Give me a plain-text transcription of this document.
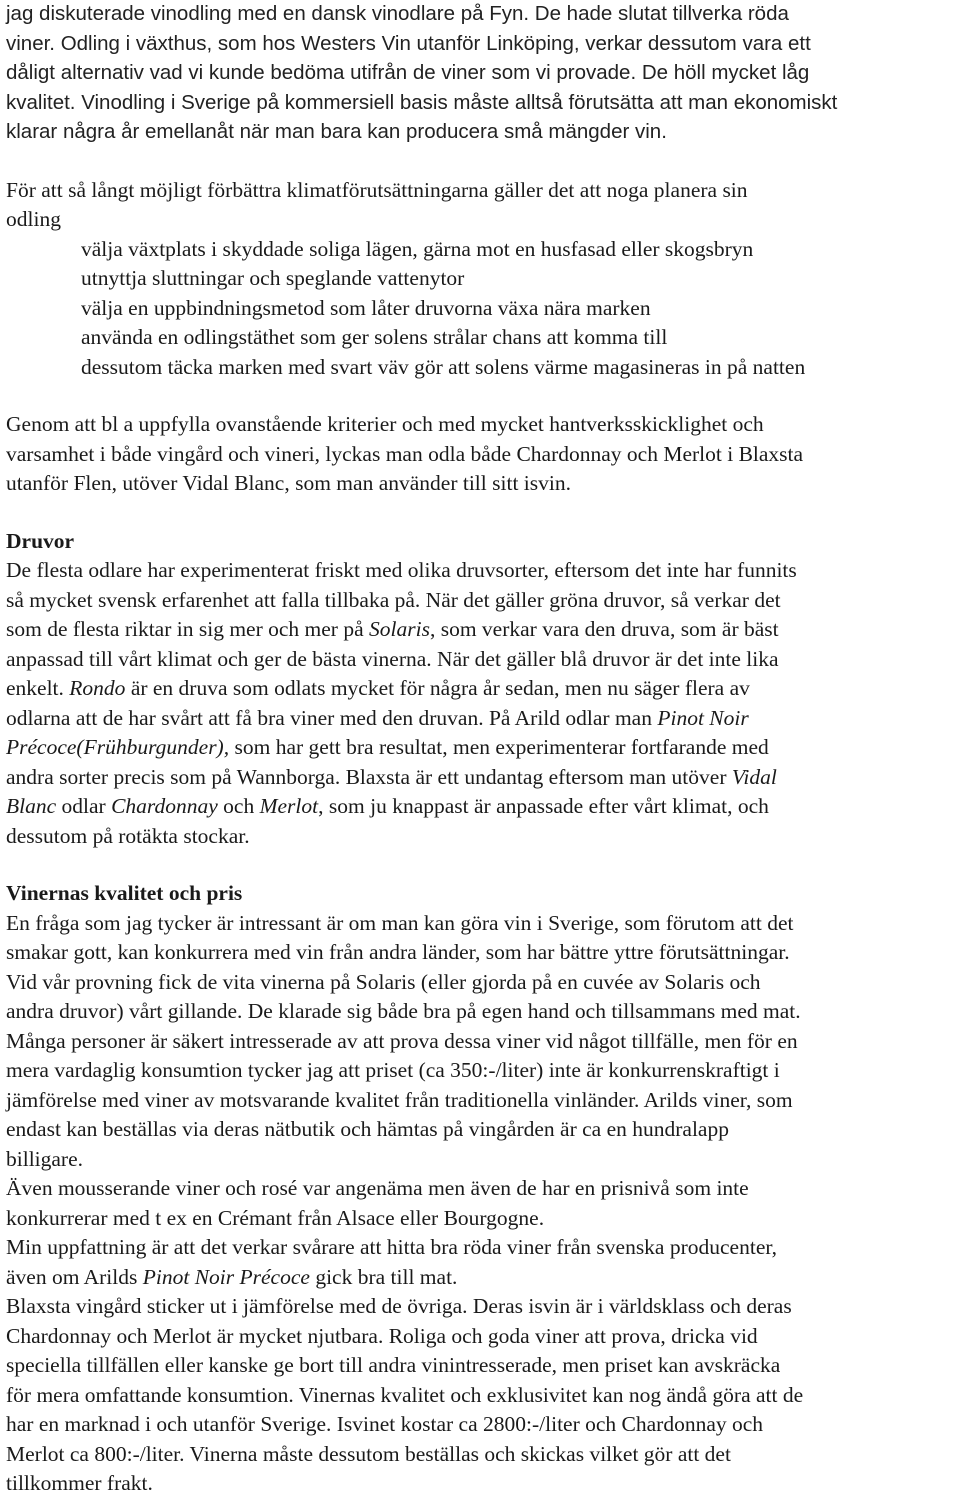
jag diskuterade vinodling med en dansk vinodlare på Fyn. De hade slutat tillverka röda
viner. Odling i växthus, som hos Westers Vin utanför Linköping, verkar dessutom vara ett
dåligt alternativ vad vi kunde bedöma utifrån de viner som vi provade. De höll mycket låg
kvalitet. Vinodling i Sverige på kommersiell basis måste alltså förutsätta att man ekonomiskt
klarar några år emellanåt när man bara kan producera små mängder vin.
För att så långt möjligt förbättra klimatförutsättningarna gäller det att noga planera sin
odling
välja växtplats i skyddade soliga lägen, gärna mot en husfasad eller skogsbryn
utnyttja sluttningar och speglande vattenytor
välja en uppbindningsmetod som låter druvorna växa nära marken
använda en odlingstäthet som ger solens strålar chans att komma till
dessutom täcka marken med svart väv gör att solens värme magasineras in på natten
Genom att bl a uppfylla ovanstående kriterier och med mycket hantverksskicklighet och
varsamhet i både vingård och vineri, lyckas man odla både Chardonnay och Merlot i Blaxsta
utanför Flen, utöver Vidal Blanc, som man använder till sitt isvin.
Druvor
De flesta odlare har experimenterat friskt med olika druvsorter, eftersom det inte har funnits
så mycket svensk erfarenhet att falla tillbaka på. När det gäller gröna druvor, så verkar det
som de flesta riktar in sig mer och mer på Solaris, som verkar vara den druva, som är bäst
anpassad till vårt klimat och ger de bästa vinerna. När det gäller blå druvor är det inte lika
enkelt. Rondo är en druva som odlats mycket för några år sedan, men nu säger flera av
odlarna att de har svårt att få bra viner med den druvan. På Arild odlar man Pinot Noir
Précoce(Frühburgunder), som har gett bra resultat, men experimenterar fortfarande med
andra sorter precis som på Wannborga. Blaxsta är ett undantag eftersom man utöver Vidal
Blanc odlar Chardonnay och Merlot, som ju knappast är anpassade efter vårt klimat, och
dessutom på rotäkta stockar.
Vinernas kvalitet och pris
En fråga som jag tycker är intressant är om man kan göra vin i Sverige, som förutom att det
smakar gott, kan konkurrera med vin från andra länder, som har bättre yttre förutsättningar.
Vid vår provning fick de vita vinerna på Solaris (eller gjorda på en cuvée av Solaris och
andra druvor) vårt gillande. De klarade sig både bra på egen hand och tillsammans med mat.
Många personer är säkert intresserade av att prova dessa viner vid något tillfälle, men för en
mera vardaglig konsumtion tycker jag att priset (ca 350:-/liter) inte är konkurrenskraftigt i
jämförelse med viner av motsvarande kvalitet från traditionella vinländer. Arilds viner, som
endast kan beställas via deras nätbutik och hämtas på vingården är ca en hundralapp
billigare.
Även mousserande viner och rosé var angenäma men även de har en prisnivå som inte
konkurrerar med t ex en Crémant från Alsace eller Bourgogne.
Min uppfattning är att det verkar svårare att hitta bra röda viner från svenska producenter,
även om Arilds Pinot Noir Précoce gick bra till mat.
Blaxsta vingård sticker ut i jämförelse med de övriga. Deras isvin är i världsklass och deras
Chardonnay och Merlot är mycket njutbara. Roliga och goda viner att prova, dricka vid
speciella tillfällen eller kanske ge bort till andra vinintresserade, men priset kan avskräcka
för mera omfattande konsumtion. Vinernas kvalitet och exklusivitet kan nog ändå göra att de
har en marknad i och utanför Sverige. Isvinet kostar ca 2800:-/liter och Chardonnay och
Merlot ca 800:-/liter. Vinerna måste dessutom beställas och skickas vilket gör att det
tillkommer frakt.
